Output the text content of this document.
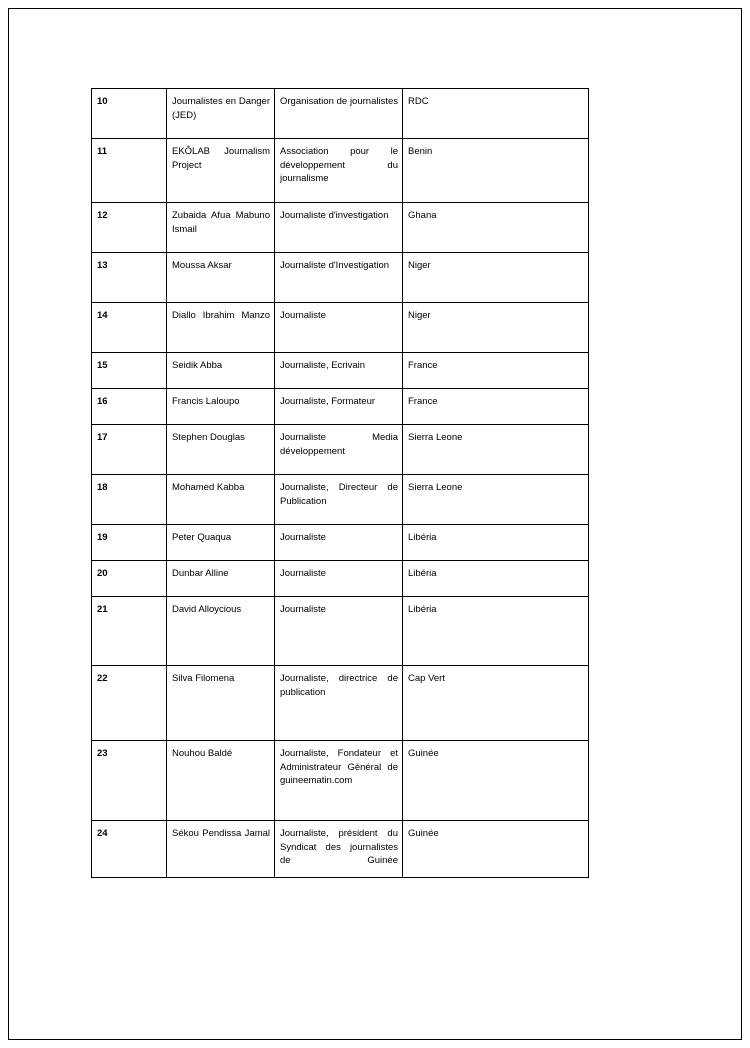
10	Journalistes en Danger (JED)	Organisation de journalistes	RDC
11	EKÔLAB Journalism Project	Association pour le développement du journalisme	Benin
12	Zubaida Afua Mabuno Ismail	Journaliste d'investigation	Ghana
13	Moussa Aksar	Journaliste d'Investigation	Niger
14	Diallo Ibrahim Manzo	Journaliste	Niger
15	Seidik Abba	Journaliste, Ecrivain	France
16	Francis Laloupo	Journaliste, Formateur	France
17	Stephen Douglas	Journaliste Media développement	Sierra Leone
18	Mohamed Kabba	Journaliste, Directeur de Publication	Sierra Leone
19	Peter Quaqua	Journaliste	Libéria
20	Dunbar Alline	Journaliste	Libéria
21	David Alloycious	Journaliste	Libéria
22	Silva Filomena	Journaliste, directrice de publication	Cap Vert
23	Nouhou Baldé	Journaliste, Fondateur et Administrateur Général de guineematin.com	Guinée
24	Sékou Pendissa Jamal	Journaliste, président du Syndicat des journalistes de Guinée	Guinée
